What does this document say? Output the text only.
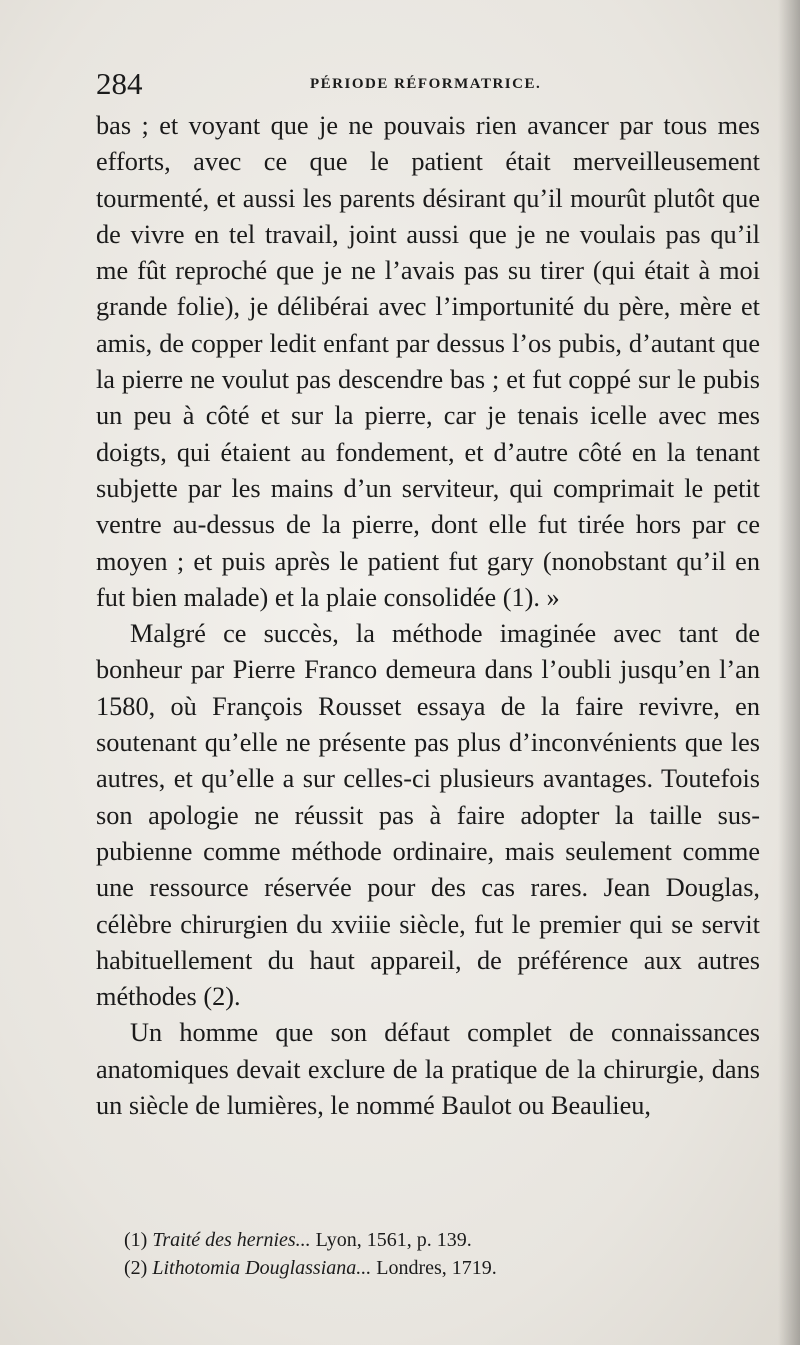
284	PÉRIODE RÉFORMATRICE.

bas ; et voyant que je ne pouvais rien avancer par tous mes efforts, avec ce que le patient était merveilleusement tourmenté, et aussi les parents désirant qu’il mourût plutôt que de vivre en tel travail, joint aussi que je ne voulais pas qu’il me fût reproché que je ne l’avais pas su tirer (qui était à moi grande folie), je délibérai avec l’importunité du père, mère et amis, de copper ledit enfant par dessus l’os pubis, d’autant que la pierre ne voulut pas descendre bas ; et fut coppé sur le pubis un peu à côté et sur la pierre, car je tenais icelle avec mes doigts, qui étaient au fondement, et d’autre côté en la tenant subjette par les mains d’un serviteur, qui comprimait le petit ventre au-dessus de la pierre, dont elle fut tirée hors par ce moyen ; et puis après le patient fut gary (nonobstant qu’il en fut bien malade) et la plaie consolidée (1). »

Malgré ce succès, la méthode imaginée avec tant de bonheur par Pierre Franco demeura dans l’oubli jusqu’en l’an 1580, où François Rousset essaya de la faire revivre, en soutenant qu’elle ne présente pas plus d’inconvénients que les autres, et qu’elle a sur celles-ci plusieurs avantages. Toutefois son apologie ne réussit pas à faire adopter la taille sus-pubienne comme méthode ordinaire, mais seulement comme une ressource réservée pour des cas rares. Jean Douglas, célèbre chirurgien du xviiie siècle, fut le premier qui se servit habituellement du haut appareil, de préférence aux autres méthodes (2).

Un homme que son défaut complet de connaissances anatomiques devait exclure de la pratique de la chirurgie, dans un siècle de lumières, le nommé Baulot ou Beaulieu,

(1) Traité des hernies... Lyon, 1561, p. 139.
(2) Lithotomia Douglassiana... Londres, 1719.
